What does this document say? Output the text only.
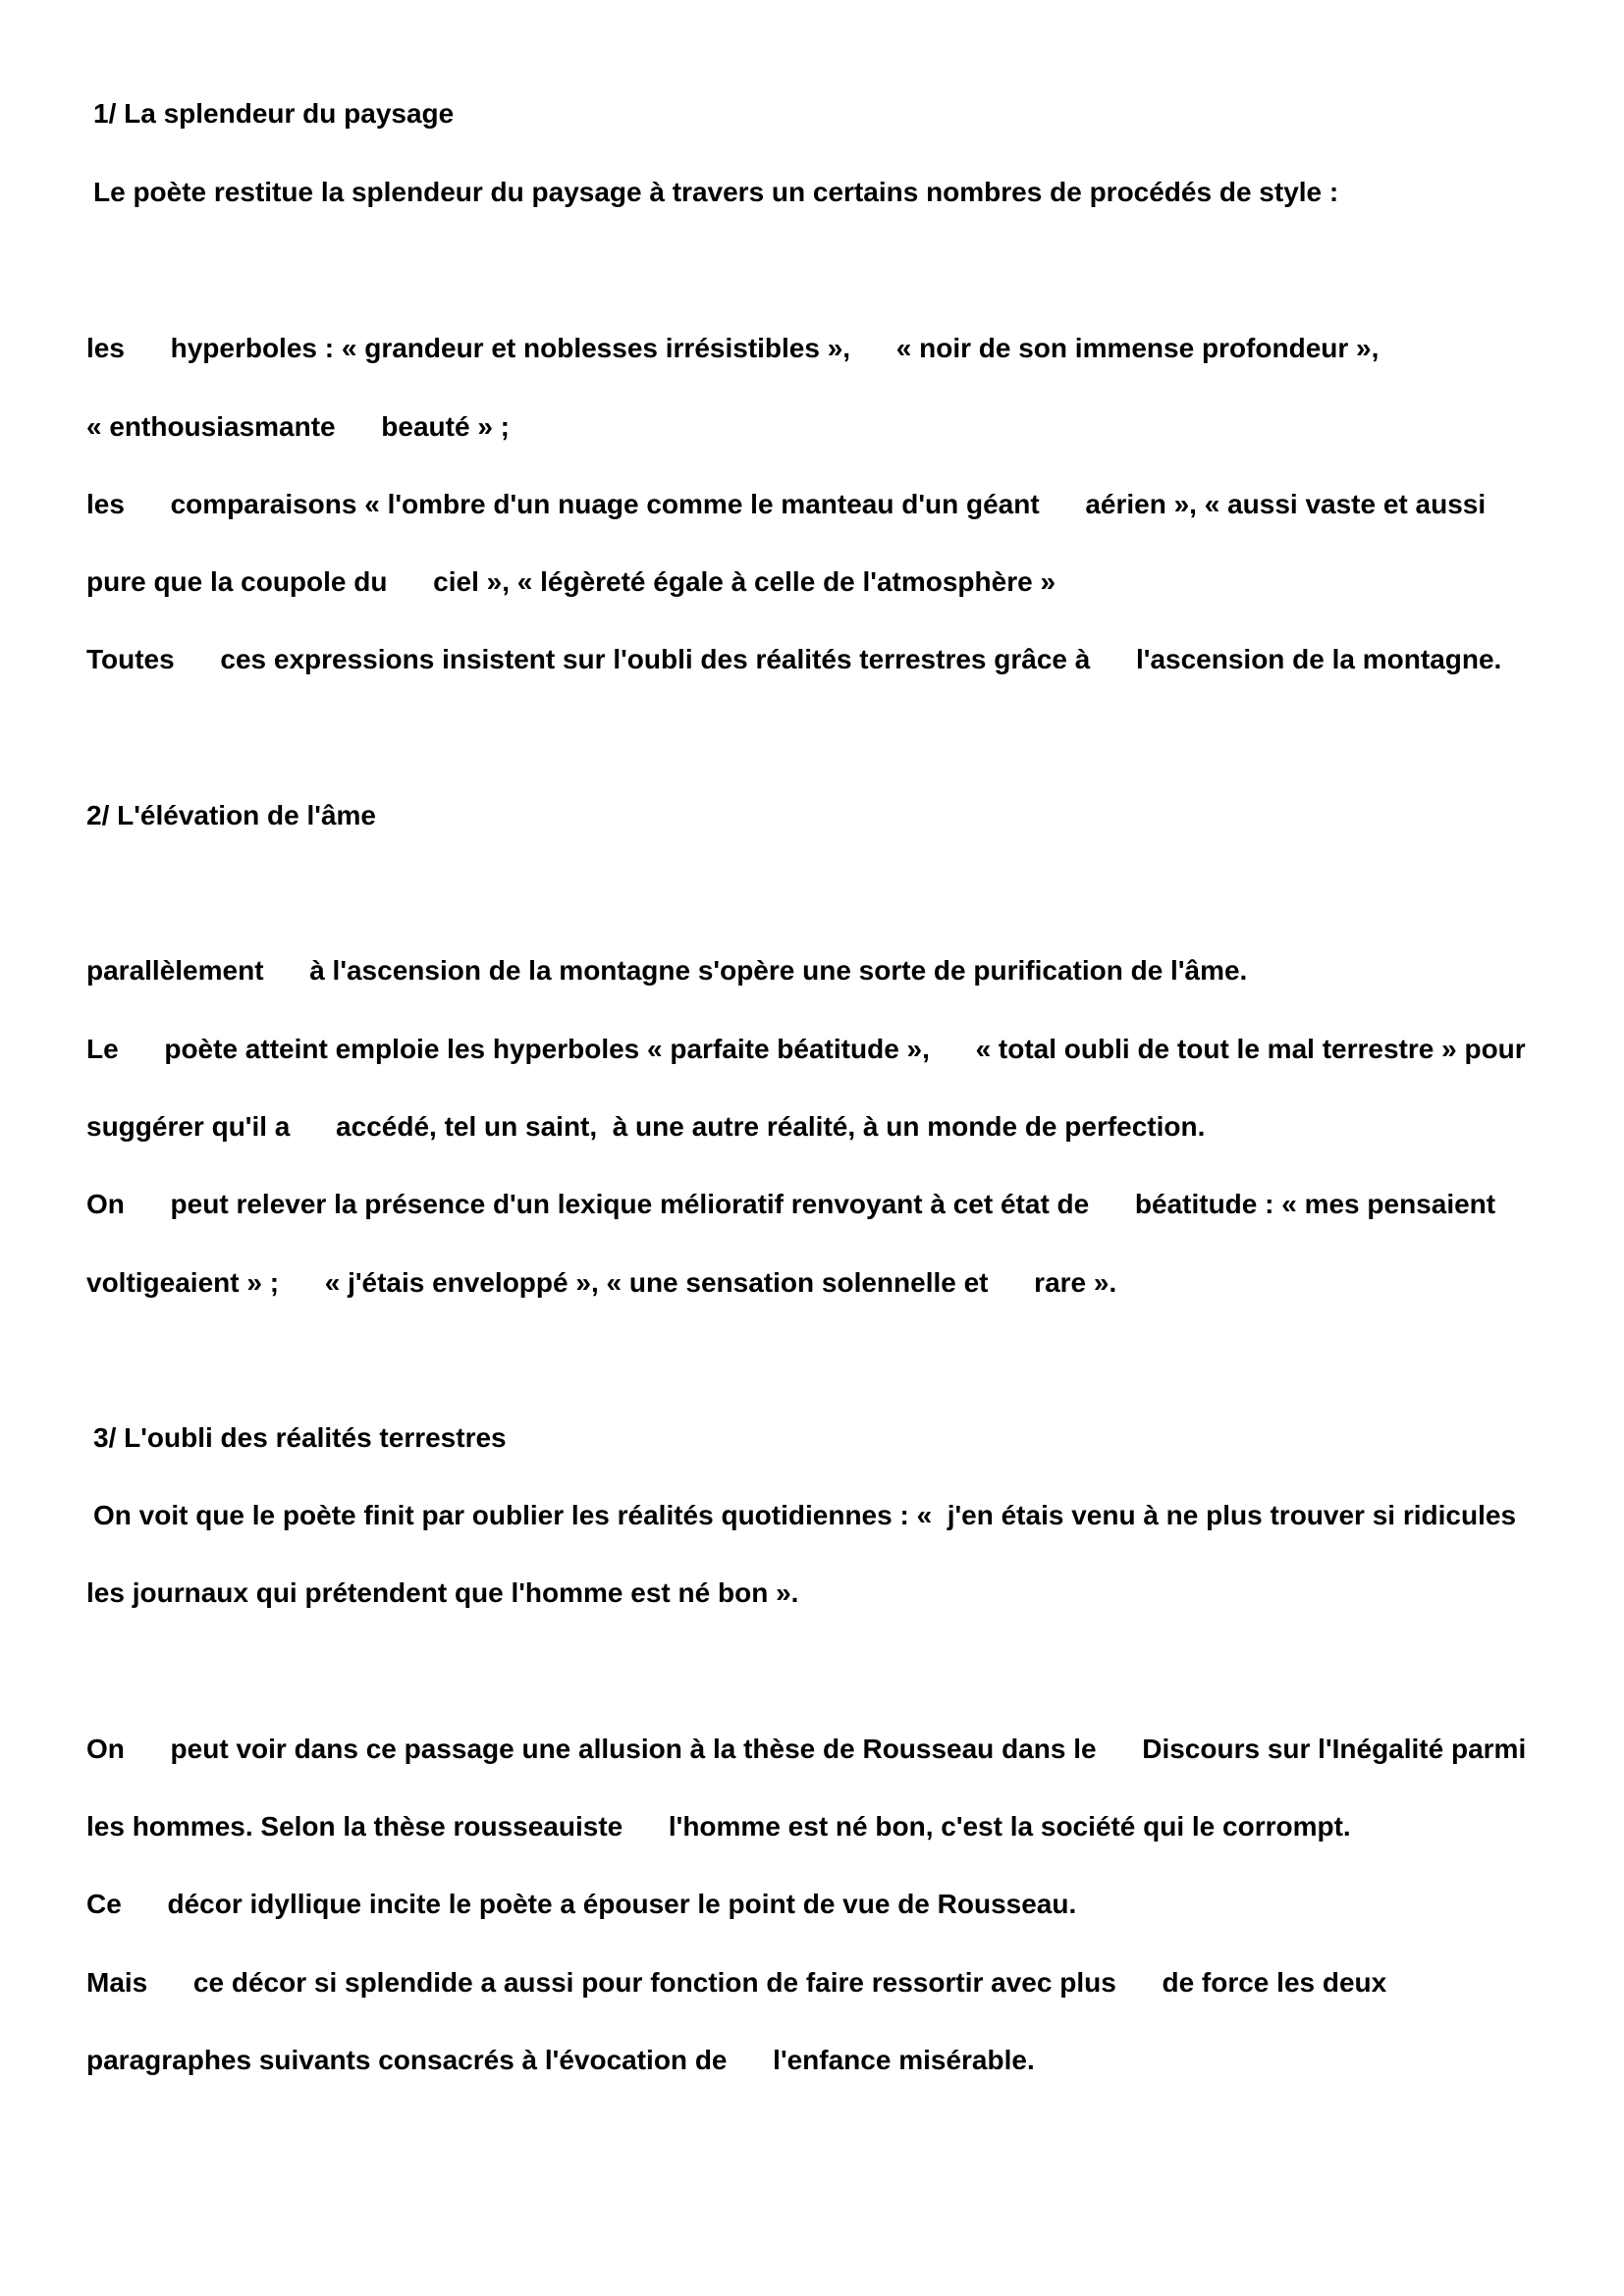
1/ La splendeur du paysage

Le poète restitue la splendeur du paysage à travers un certains nombres de procédés de style :

les      hyperboles : « grandeur et noblesses irrésistibles »,      « noir de son immense profondeur »,

« enthousiasmante      beauté » ;

les      comparaisons « l'ombre d'un nuage comme le manteau d'un géant      aérien », « aussi vaste et aussi

pure que la coupole du      ciel », « légèreté égale à celle de l'atmosphère »

Toutes      ces expressions insistent sur l'oubli des réalités terrestres grâce à      l'ascension de la montagne.

2/ L'élévation de l'âme

parallèlement      à l'ascension de la montagne s'opère une sorte de purification de l'âme.

Le      poète atteint emploie les hyperboles « parfaite béatitude »,      « total oubli de tout le mal terrestre » pour

suggérer qu'il a      accédé, tel un saint,  à une autre réalité, à un monde de perfection.

On      peut relever la présence d'un lexique mélioratif renvoyant à cet état de      béatitude : « mes pensaient

voltigeaient » ;      « j'étais enveloppé », « une sensation solennelle et      rare ».

3/ L'oubli des réalités terrestres

On voit que le poète finit par oublier les réalités quotidiennes : «  j'en étais venu à ne plus trouver si ridicules

les journaux qui prétendent que l'homme est né bon ».

On      peut voir dans ce passage une allusion à la thèse de Rousseau dans le      Discours sur l'Inégalité parmi

les hommes. Selon la thèse rousseauiste      l'homme est né bon, c'est la société qui le corrompt.

Ce      décor idyllique incite le poète a épouser le point de vue de Rousseau.

Mais      ce décor si splendide a aussi pour fonction de faire ressortir avec plus      de force les deux

paragraphes suivants consacrés à l'évocation de      l'enfance misérable.
